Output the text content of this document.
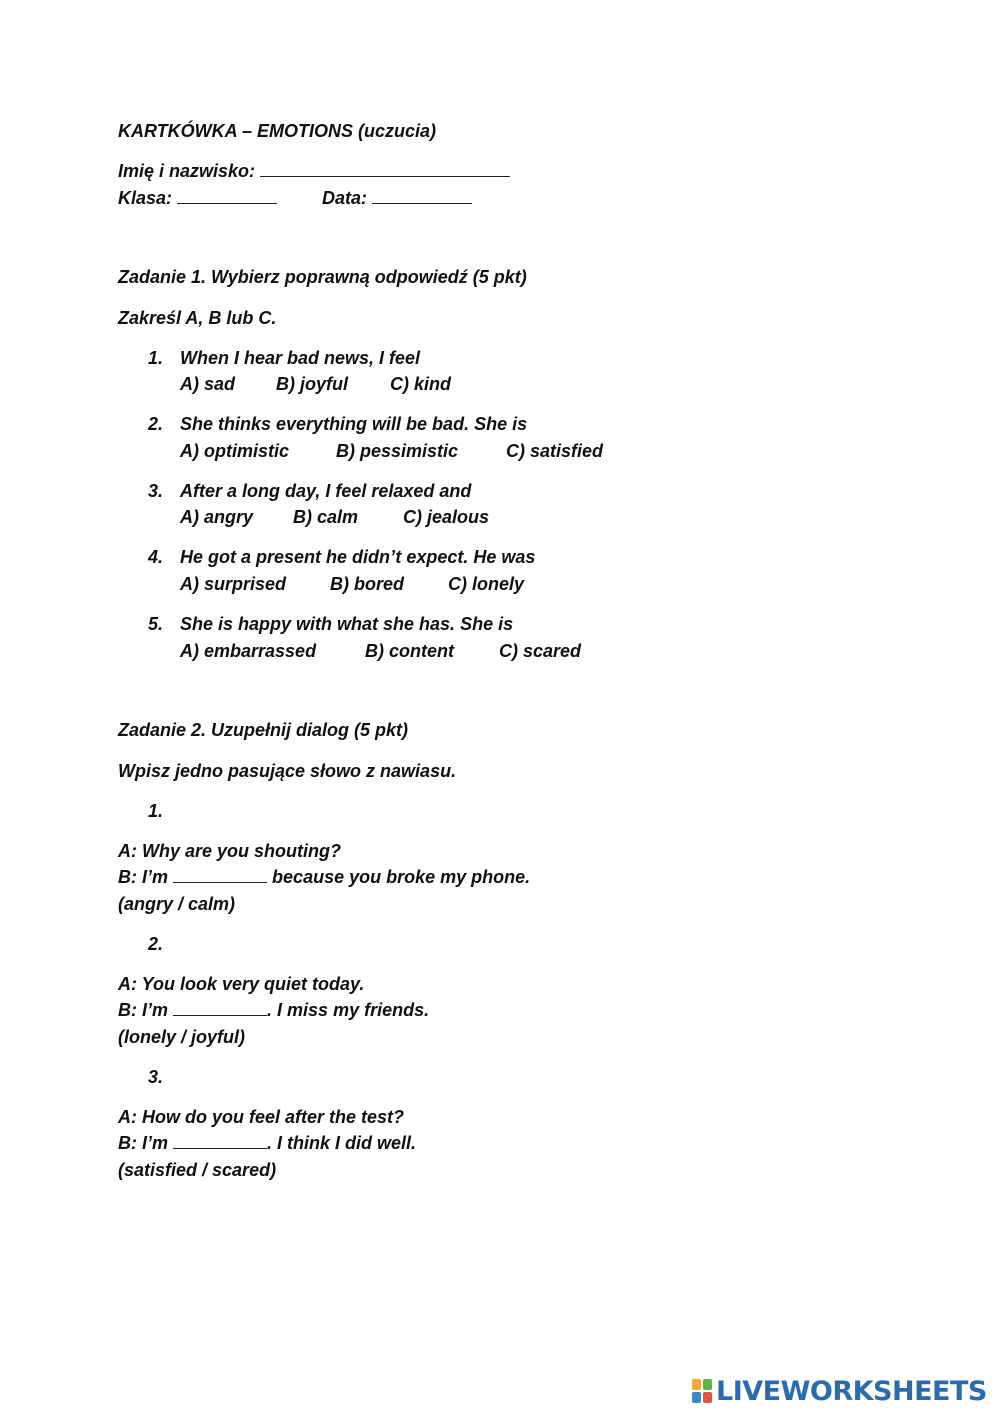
KARTKÓWKA – EMOTIONS (uczucia)
Imię i nazwisko:
Klasa:	Data:
Zadanie 1. Wybierz poprawną odpowiedź (5 pkt)
Zakreśl A, B lub C.
1. When I hear bad news, I feel
A) sad B) joyful C) kind
2. She thinks everything will be bad. She is
A) optimistic	B) pessimistic	C) satisfied
3. After a long day, I feel relaxed and
A) angry B) calm C) jealous
4. He got a present he didn’t expect. He was
A) surprised B) bored C) lonely
5. She is happy with what she has. She is
A) embarrassed	B) content	C) scared
Zadanie 2. Uzupełnij dialog (5 pkt)
Wpisz jedno pasujące słowo z nawiasu.
1.
A: Why are you shouting?
B: I’m	because you broke my phone.
(angry / calm)
2.
A: You look very quiet today.
B: I’m	. I miss my friends.
(lonely / joyful)
3.
A: How do you feel after the test?
B: I’m	. I think I did well.
(satisfied / scared)
LIVEWORKSHEETS
